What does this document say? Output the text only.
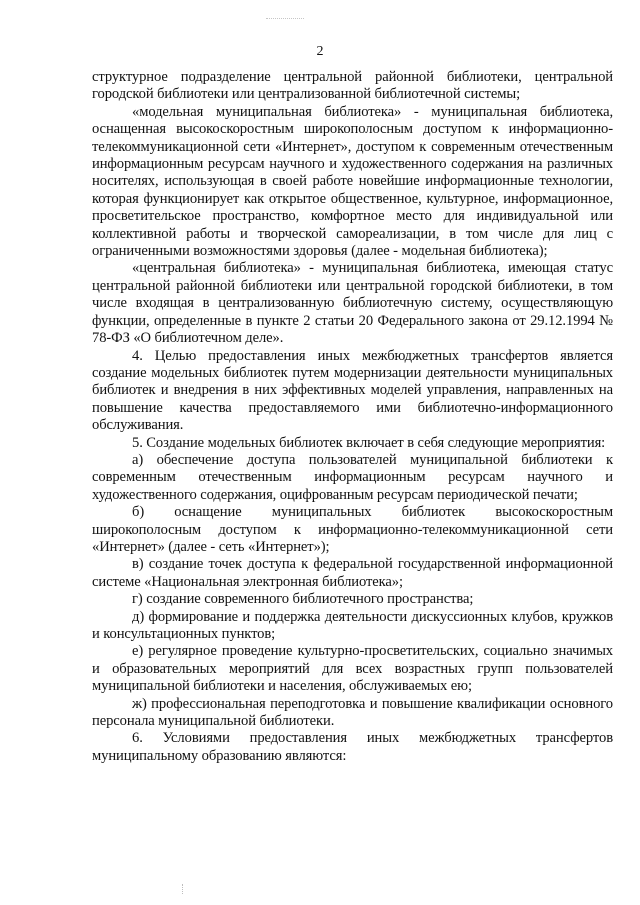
2

структурное подразделение центральной районной библиотеки, центральной городской библиотеки или централизованной библиотечной системы;

«модельная муниципальная библиотека» - муниципальная библиотека, оснащенная высокоскоростным широкополосным доступом к информационно-телекоммуникационной сети «Интернет», доступом к современным отечественным информационным ресурсам научного и художественного содержания на различных носителях, использующая в своей работе новейшие информационные технологии, которая функционирует как открытое общественное, культурное, информационное, просветительское пространство, комфортное место для индивидуальной или коллективной работы и творческой самореализации, в том числе для лиц с ограниченными возможностями здоровья (далее - модельная библиотека);

«центральная библиотека» - муниципальная библиотека, имеющая статус центральной районной библиотеки или центральной городской библиотеки, в том числе входящая в централизованную библиотечную систему, осуществляющую функции, определенные в пункте 2 статьи 20 Федерального закона от 29.12.1994 № 78-ФЗ «О библиотечном деле».

4. Целью предоставления иных межбюджетных трансфертов является создание модельных библиотек путем модернизации деятельности муниципальных библиотек и внедрения в них эффективных моделей управления, направленных на повышение качества предоставляемого ими библиотечно-информационного обслуживания.

5. Создание модельных библиотек включает в себя следующие мероприятия:

а) обеспечение доступа пользователей муниципальной библиотеки к современным отечественным информационным ресурсам научного и художественного содержания, оцифрованным ресурсам периодической печати;

б) оснащение муниципальных библиотек высокоскоростным широкополосным доступом к информационно-телекоммуникационной сети «Интернет» (далее - сеть «Интернет»);

в) создание точек доступа к федеральной государственной информационной системе «Национальная электронная библиотека»;

г) создание современного библиотечного пространства;

д) формирование и поддержка деятельности дискуссионных клубов, кружков и консультационных пунктов;

е) регулярное проведение культурно-просветительских, социально значимых и образовательных мероприятий для всех возрастных групп пользователей муниципальной библиотеки и населения, обслуживаемых ею;

ж) профессиональная переподготовка и повышение квалификации основного персонала муниципальной библиотеки.

6. Условиями предоставления иных межбюджетных трансфертов муниципальному образованию являются:
